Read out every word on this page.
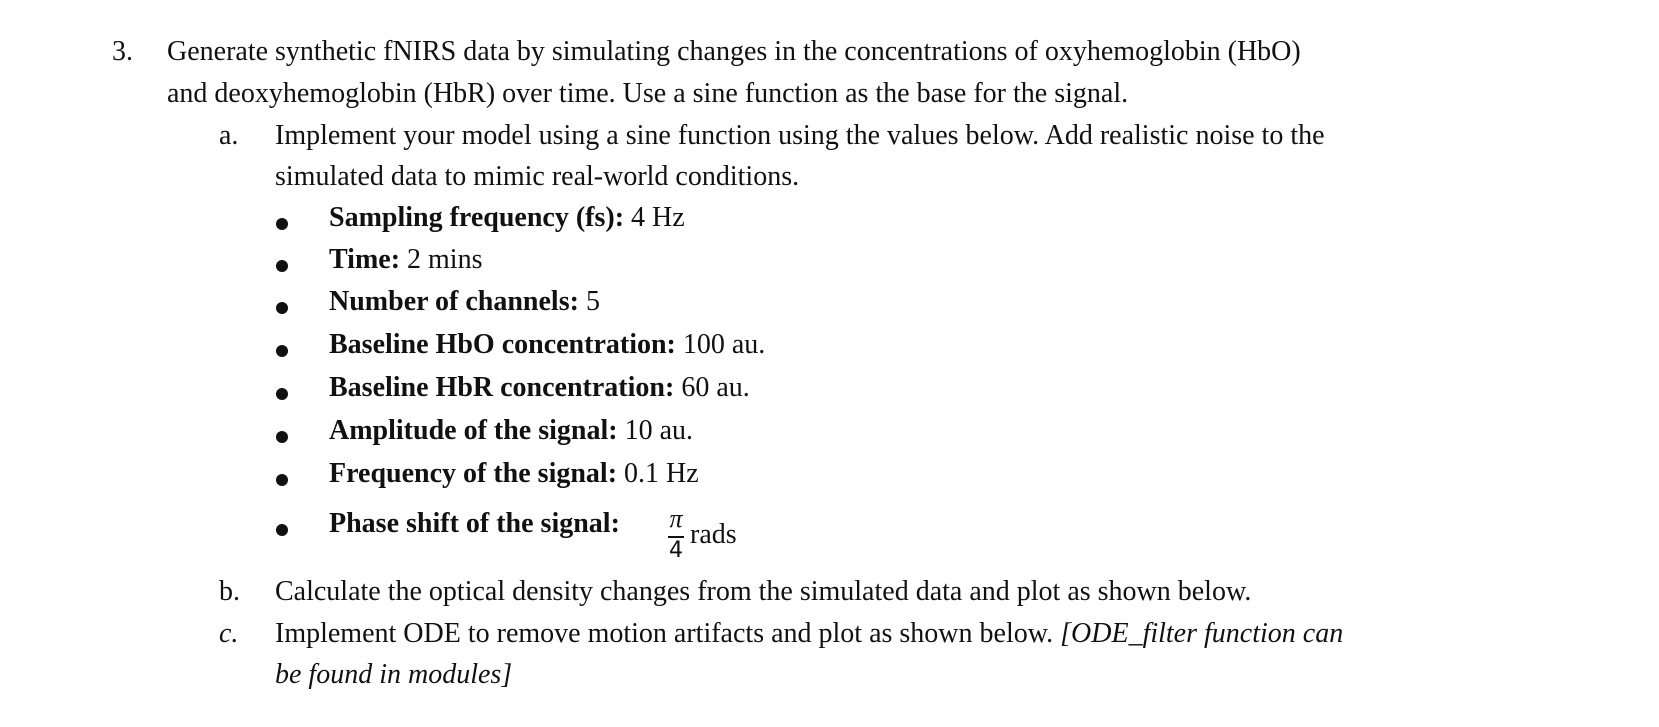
3. Generate synthetic fNIRS data by simulating changes in the concentrations of oxyhemoglobin (HbO)
and deoxyhemoglobin (HbR) over time. Use a sine function as the base for the signal.
a. Implement your model using a sine function using the values below. Add realistic noise to the
simulated data to mimic real-world conditions.
Sampling frequency (fs): 4 Hz
Time: 2 mins
Number of channels: 5
Baseline HbO concentration: 100 au.
Baseline HbR concentration: 60 au.
Amplitude of the signal: 10 au.
Frequency of the signal: 0.1 Hz
Phase shift of the signal: π
4
rads
b. Calculate the optical density changes from the simulated data and plot as shown below.
c. Implement ODE to remove motion artifacts and plot as shown below. [ODE_filter function can
be found in modules]
